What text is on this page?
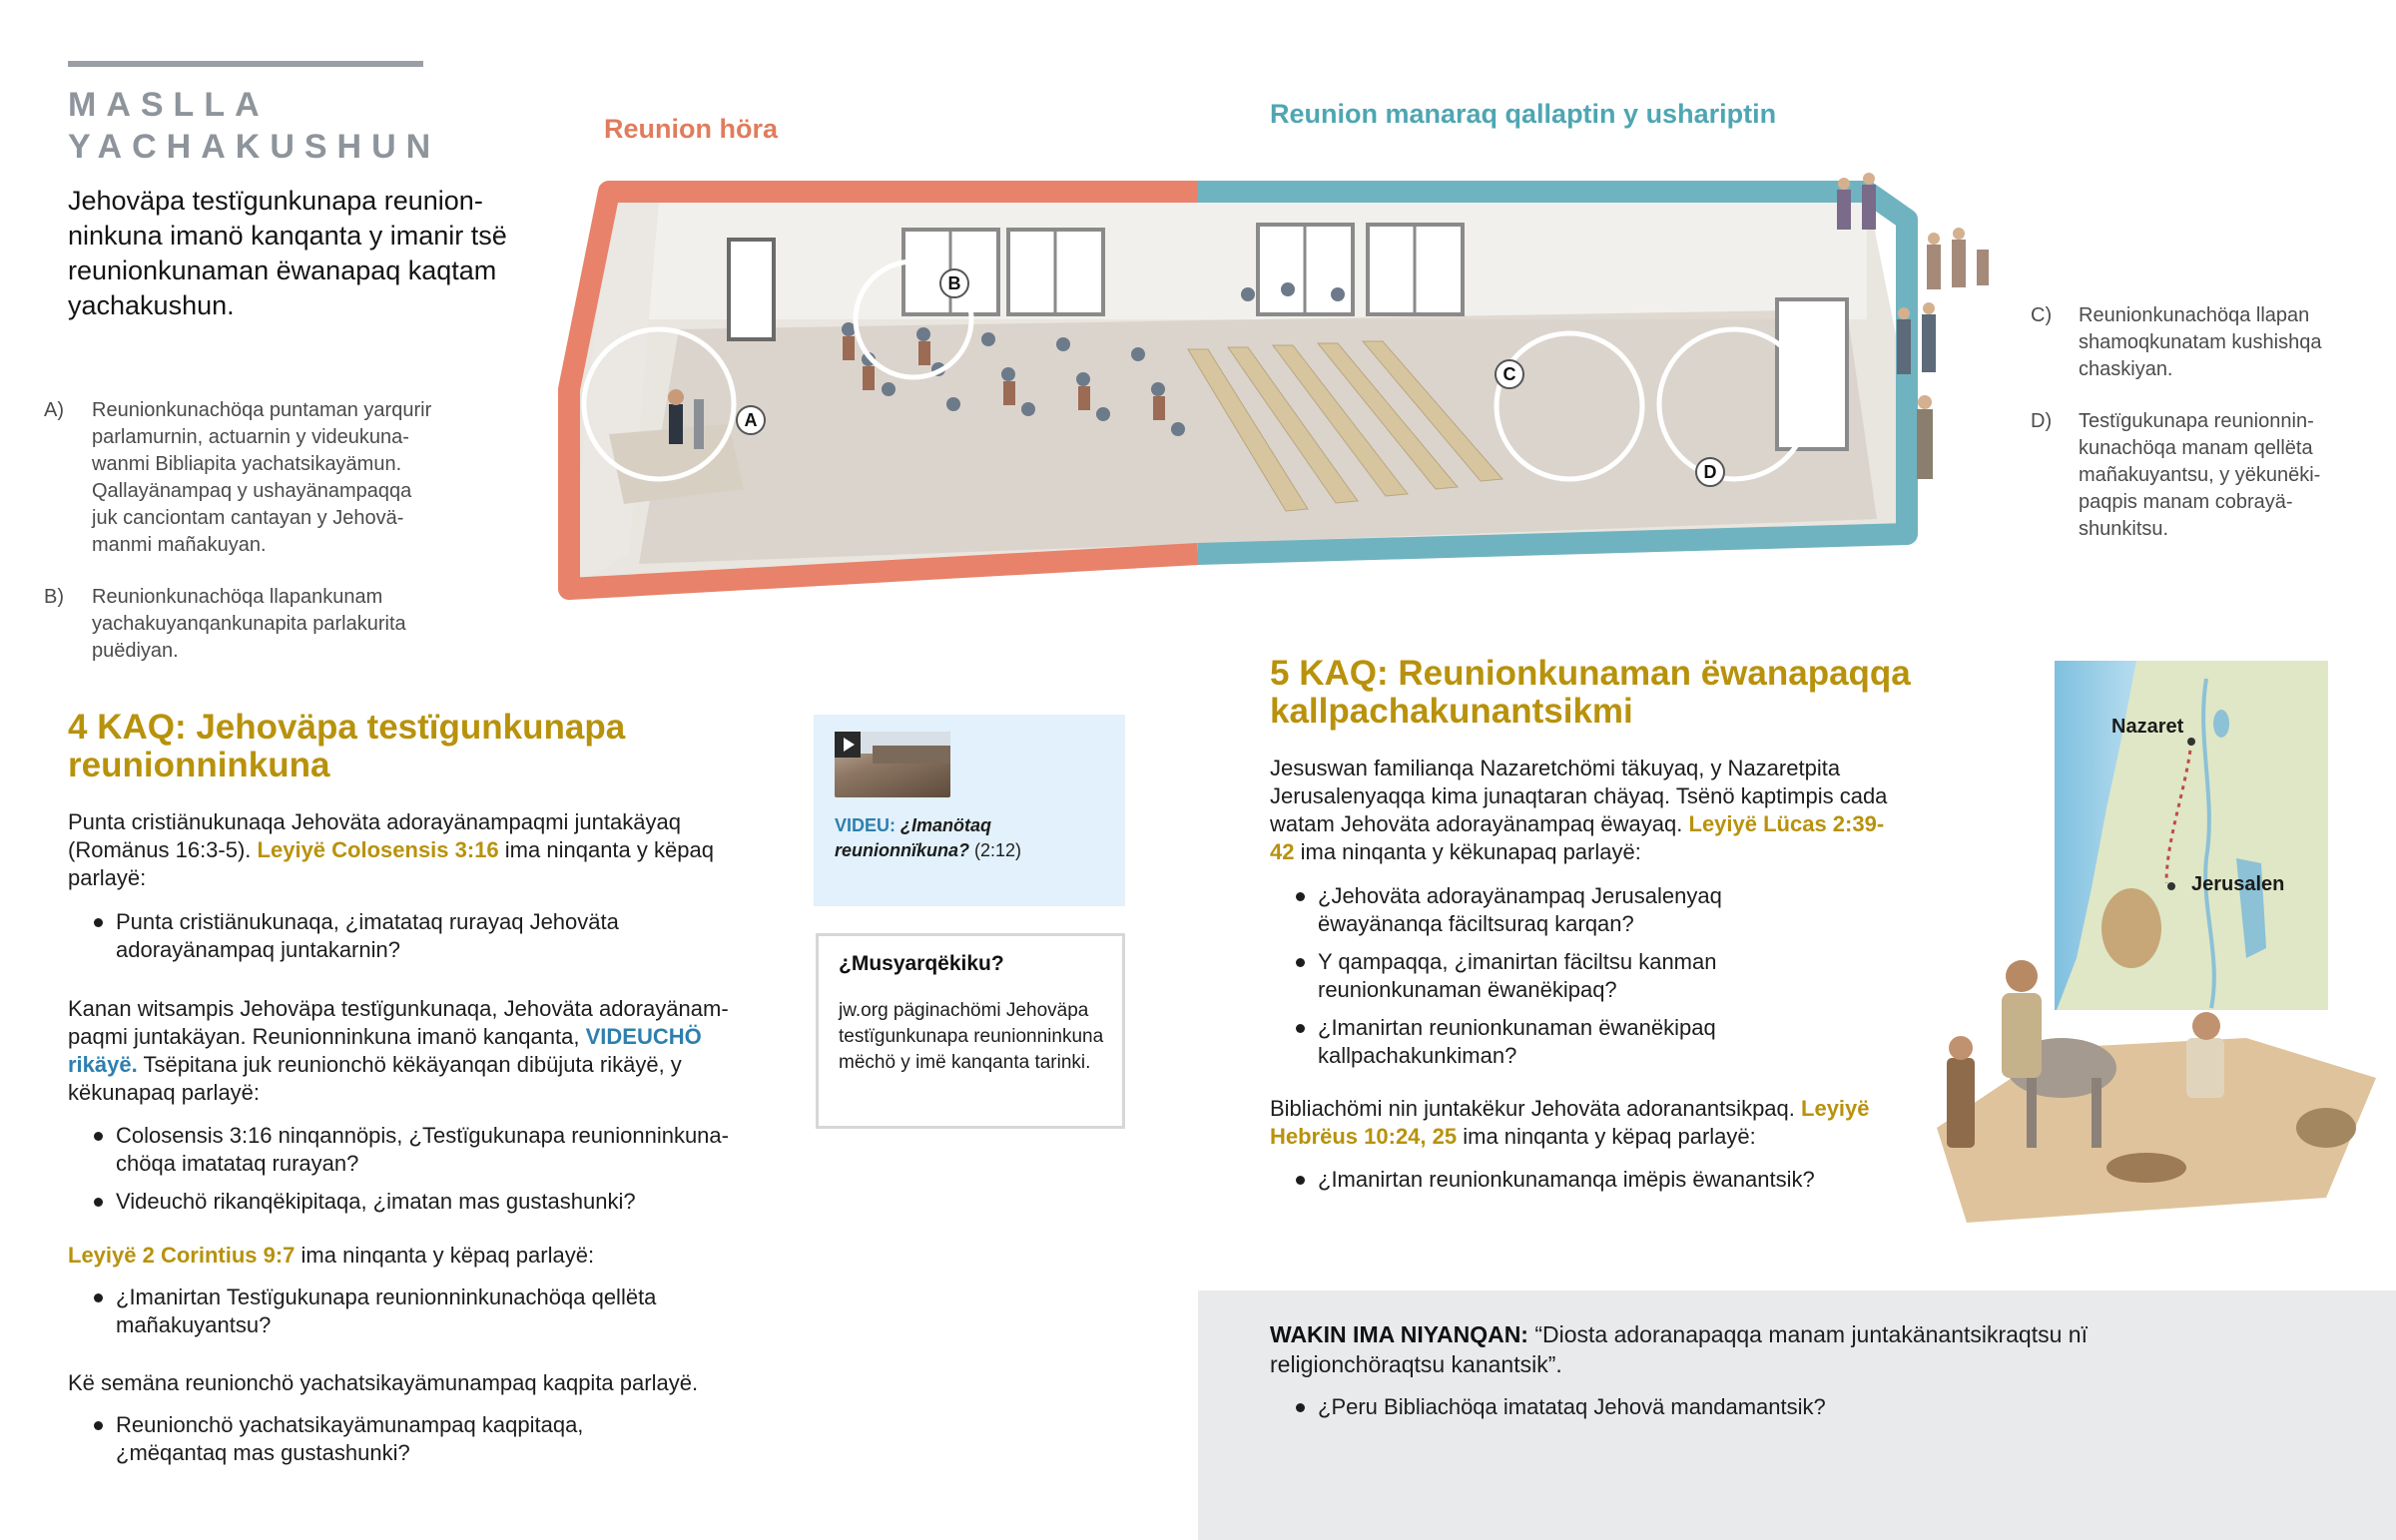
MASLLA
YACHAKUSHUN
Jehoväpa testïgunkunapa reunion-ninkuna imanö kanqanta y imanir tsë reunionkunaman ëwanapaq kaqtam yachakushun.
A) Reunionkunachöqa puntaman yarqurir
parlamurnin, actuarnin y videukuna-
wanmi Bibliapita yachatsikayämun.
Qallayänampaq y ushayänampaqqa
juk canciontam cantayan y Jehovä-
manmi mañakuyan.
B) Reunionkunachöqa llapankunam
yachakuyanqankunapita parlakurita
puëdiyan.
C) Reunionkunachöqa llapan
shamoqkunatam kushishqa
chaskiyan.
D) Testïgukunapa reunionnin-
kunachöqa manam qellëta
mañakuyantsu, y yëkunëki-
paqpis manam cobrayä-
shunkitsu.
Reunion höra	Reunion manaraq qallaptin y ushariptin
A
B
C
D
4 KAQ: Jehoväpa testïgunkunapa
reunionninkuna
Punta cristiänukunaqa Jehoväta adorayänampaqmi juntakäyaq (Romänus 16:3-5). Leyiyë Colosensis 3:16 ima ninqanta y këpaq parlayë:
Punta cristiänukunaqa, ¿imatataq rurayaq Jehoväta adorayänampaq juntakarnin?
Kanan witsampis Jehoväpa testïgunkunaqa, Jehoväta adorayänam-paqmi juntakäyan. Reunionninkuna imanö kanqanta, VIDEUCHÖ rikäyë. Tsëpitana juk reunionchö këkäyanqan dibüjuta rikäyë, y këkunapaq parlayë:
Colosensis 3:16 ninqannöpis, ¿Testïgukunapa reunionninkuna-chöqa imatataq rurayan?
Videuchö rikanqëkipitaqa, ¿imatan mas gustashunki?
Leyiyë 2 Corintius 9:7 ima ninqanta y këpaq parlayë:
¿Imanirtan Testïgukunapa reunionninkunachöqa qellëta mañakuyantsu?
Kë semäna reunionchö yachatsikayämunampaq kaqpita parlayë.
Reunionchö yachatsikayämunampaq kaqpitaqa, ¿mëqantaq mas gustashunki?
VIDEU: ¿Imanötaq reunionnïkuna? (2:12)
¿Musyarqëkiku?
jw.org päginachömi Jehoväpa testïgunkunapa reunionninkuna mëchö y imë kanqanta tarinki.
5 KAQ: Reunionkunaman ëwanapaqqa
kallpachakunantsikmi
Jesuswan familianqa Nazaretchömi täkuyaq, y Nazaretpita Jerusalenyaqqa kima junaqtaran chäyaq. Tsënö kaptimpis cada watam Jehoväta adorayänampaq ëwayaq. Leyiyë Lücas 2:39-42 ima ninqanta y këkunapaq parlayë:
¿Jehoväta adorayänampaq Jerusalenyaq ëwayänanqa fäciltsuraq karqan?
Y qampaqqa, ¿imanirtan fäciltsu kanman reunionkunaman ëwanëkipaq?
¿Imanirtan reunionkunaman ëwanëkipaq kallpachakunkiman?
Bibliachömi nin juntakëkur Jehoväta adoranantsikpaq. Leyiyë Hebrëus 10:24, 25 ima ninqanta y këpaq parlayë:
¿Imanirtan reunionkunamanqa imëpis ëwanantsik?
Nazaret
Jerusalen
WAKIN IMA NIYANQAN: “Diosta adoranapaqqa manam juntakänantsikraqtsu nï religionchöraqtsu kanantsik”.
¿Peru Bibliachöqa imatataq Jehovä mandamantsik?
